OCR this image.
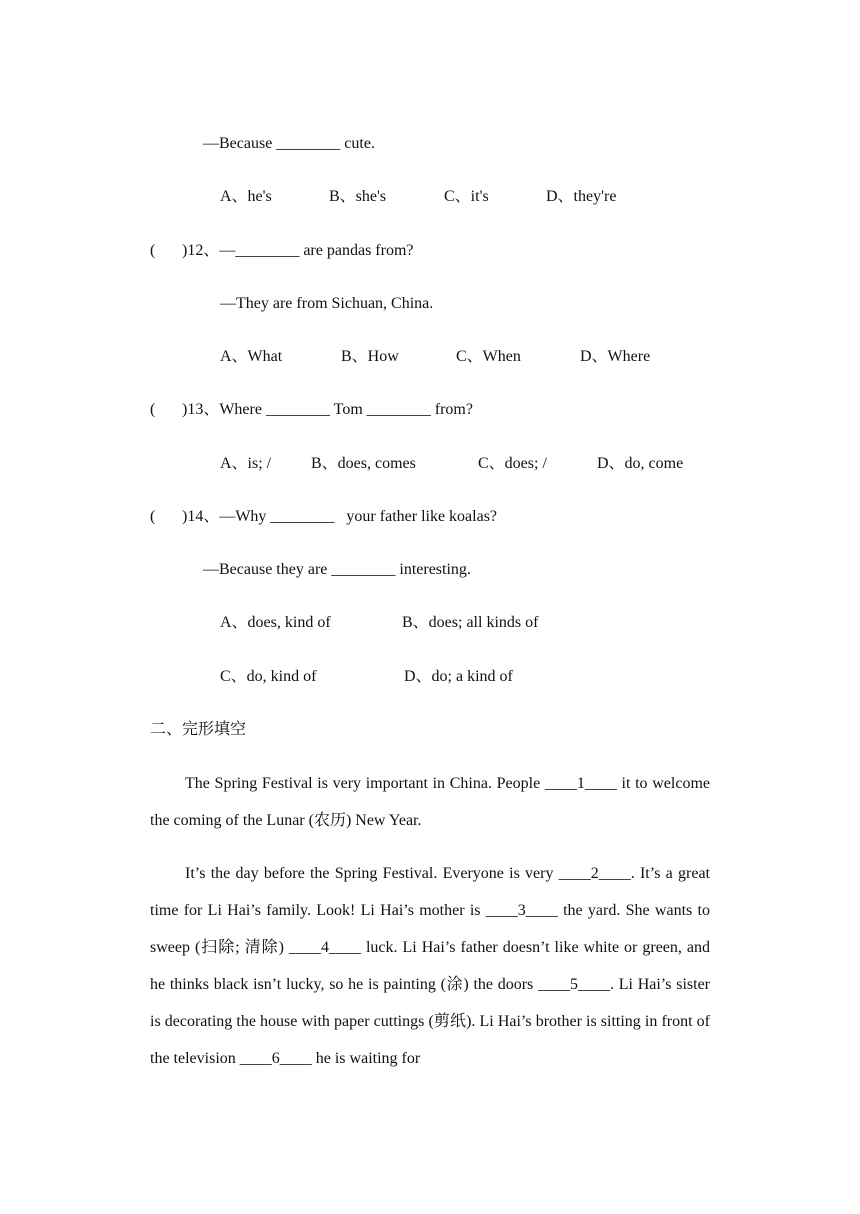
—Because ________ cute.
A、he's	B、she's	C、it's	D、they're
( )12、—________ are pandas from?
—They are from Sichuan, China.
A、What	B、How	C、When	D、Where
( )13、Where ________ Tom ________ from?
A、is; / B、does, comes	C、does; /	D、do, come
( )14、—Why ________   your father like koalas?
—Because they are ________ interesting.
A、does, kind of	B、does; all kinds of
C、do, kind of	D、do; a kind of
二、完形填空
The Spring Festival is very important in China. People ____1____ it to welcome the coming of the Lunar (农历) New Year.
It’s the day before the Spring Festival. Everyone is very ____2____. It’s a great time for Li Hai’s family. Look! Li Hai’s mother is ____3____ the yard. She wants to sweep (扫除; 清除) ____4____ luck. Li Hai’s father doesn’t like white or green, and he thinks black isn’t lucky, so he is painting (涂) the doors ____5____. Li Hai’s sister is decorating the house with paper cuttings (剪纸). Li Hai’s brother is sitting in front of the television ____6____ he is waiting for
